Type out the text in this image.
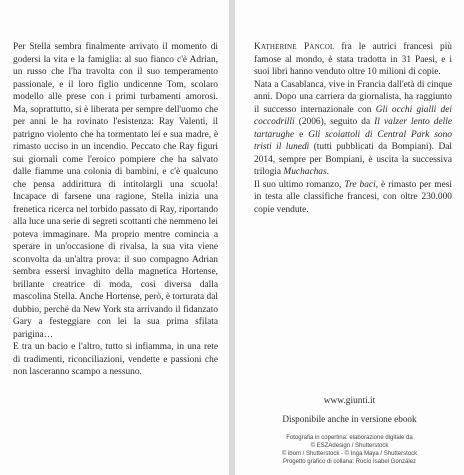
Per Stella sembra finalmente arrivato il momento di godersi la vita e la famiglia: al suo fianco c'è Adrian, un russo che l'ha travolta con il suo temperamento passionale, e il loro figlio undicenne Tom, scolaro modello alle prese con i primi turbamenti amorosi. Ma, soprattutto, si è liberata per sempre dell'uomo che per anni le ha rovinato l'esistenza: Ray Valenti, il patrigno violento che ha tormentato lei e sua madre, è rimasto ucciso in un incendio. Peccato che Ray figuri sui giornali come l'eroico pompiere che ha salvato dalle fiamme una colonia di bambini, e c'è qualcuno che pensa addirittura di intitolargli una scuola! Incapace di farsene una ragione, Stella inizia una frenetica ricerca nel torbido passato di Ray, riportando alla luce una serie di segreti scottanti che nemmeno lei poteva immaginare. Ma proprio mentre comincia a sperare in un'occasione di rivalsa, la sua vita viene sconvolta da un'altra prova: il suo compagno Adrian sembra essersi invaghito della magnetica Hortense, brillante creatrice di moda, così diversa dalla mascolina Stella. Anche Hortense, però, è torturata dal dubbio, perché da New York sta arrivando il fidanzato Gary a festeggiare con lei la sua prima sfilata parigina…

E tra un bacio e l'altro, tutto si infiamma, in una rete di tradimenti, riconciliazioni, vendette e passioni che non lasceranno scampo a nessuno.

Katherine Pancol fra le autrici francesi più famose al mondo, è stata tradotta in 31 Paesi, e i suoi libri hanno venduto oltre 10 milioni di copie.

Nata a Casablanca, vive in Francia dall'età di cinque anni. Dopo una carriera da giornalista, ha raggiunto il successo internazionale con Gli occhi gialli dei coccodrilli (2006), seguito da Il valzer lento delle tartarughe e Gli scoiattoli di Central Park sono tristi il lunedì (tutti pubblicati da Bompiani). Dal 2014, sempre per Bompiani, è uscita la successiva trilogia Muchachas.

Il suo ultimo romanzo, Tre baci, è rimasto per mesi in testa alle classifiche francesi, con oltre 230.000 copie vendute.

www.giunti.it
Disponibile anche in versione ebook
Fotografia in copertina: elaborazione digitale da
© ESZAdesign / Shutterstock
© ibom / Shutterstock - © Inga Maya / Shutterstock
Progetto grafico di collana: Rocío Isabel González
